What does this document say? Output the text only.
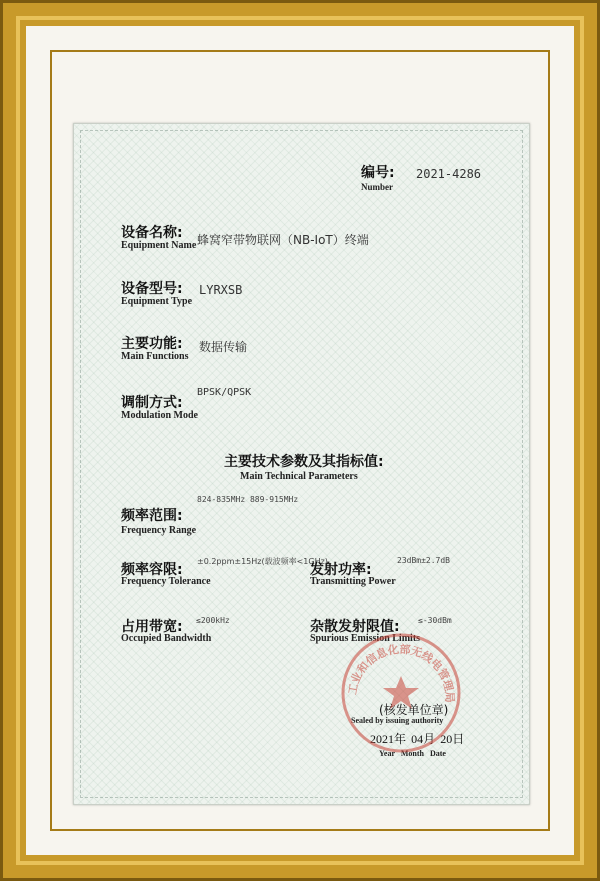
编号:
Number
2021-4286
设备名称:
Equipment Name 蜂窝窄带物联网（NB-IoT）终端
设备型号:
Equipment Type
LYRXSB
主要功能:
Main Functions
数据传输
调制方式:
Modulation Mode
BPSK/QPSK
主要技术参数及其指标值:
Main Technical Parameters
824-835MHz 889-915MHz
频率范围:
Frequency Range
频率容限:
Frequency Tolerance
±0.2ppm±15Hz(载波频率<1GHz)
发射功率:
Transmitting Power
23dBm±2.7dB
占用带宽:
Occupied Bandwidth
≤200kHz	杂散发射限值:
Spurious Emission Limits
≤-30dBm
(核发单位章)
Sealed by issuing authority
2021年 04月 20日
Year   Month   Date
工业和信息化部无线电管理局
